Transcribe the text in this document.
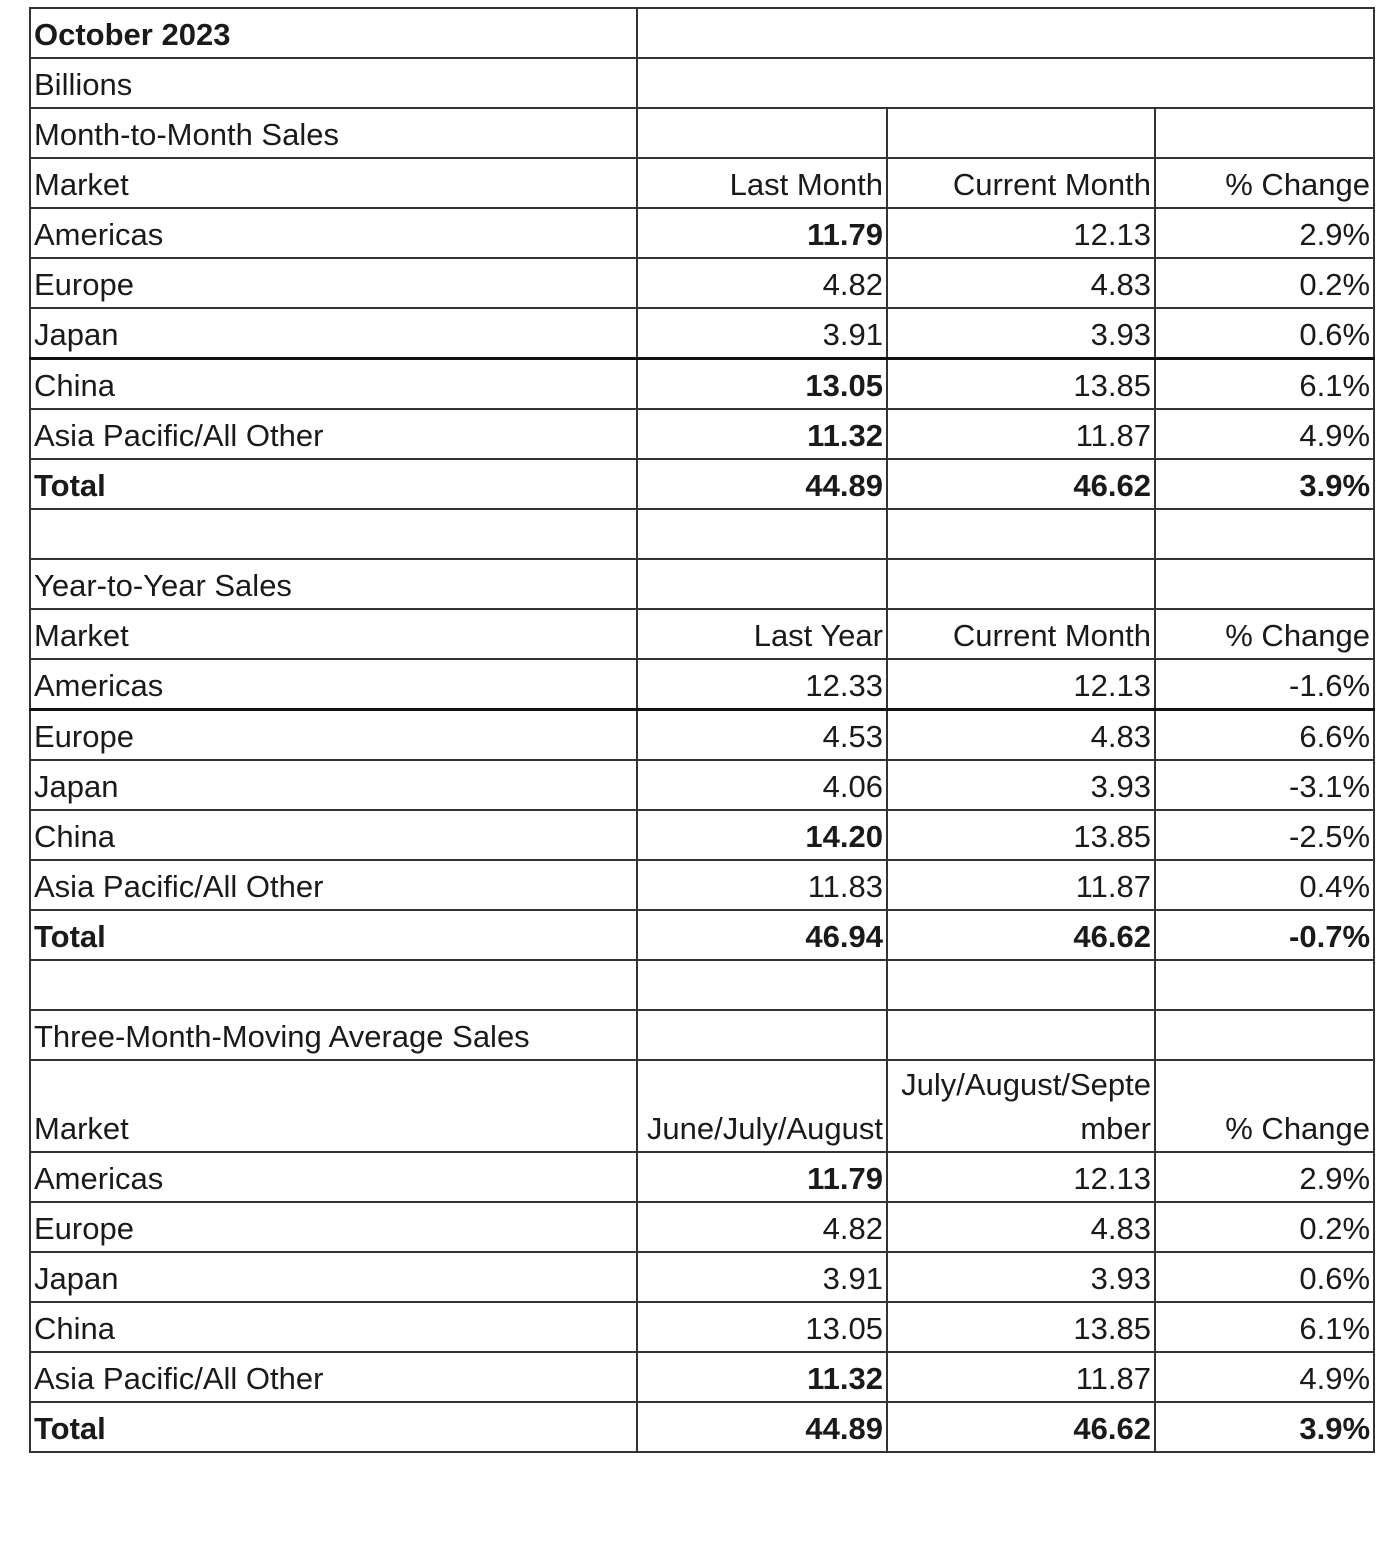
October 2023			
Billions			
Month-to-Month Sales			
Market	Last Month	Current Month	% Change
Americas	11.79	12.13	2.9%
Europe	4.82	4.83	0.2%
Japan	3.91	3.93	0.6%
China	13.05	13.85	6.1%
Asia Pacific/All Other	11.32	11.87	4.9%
Total	44.89	46.62	3.9%

Year-to-Year Sales			
Market	Last Year	Current Month	% Change
Americas	12.33	12.13	-1.6%
Europe	4.53	4.83	6.6%
Japan	4.06	3.93	-3.1%
China	14.20	13.85	-2.5%
Asia Pacific/All Other	11.83	11.87	0.4%
Total	46.94	46.62	-0.7%

Three-Month-Moving Average Sales			
Market	June/July/August	July/August/September	% Change
Americas	11.79	12.13	2.9%
Europe	4.82	4.83	0.2%
Japan	3.91	3.93	0.6%
China	13.05	13.85	6.1%
Asia Pacific/All Other	11.32	11.87	4.9%
Total	44.89	46.62	3.9%
